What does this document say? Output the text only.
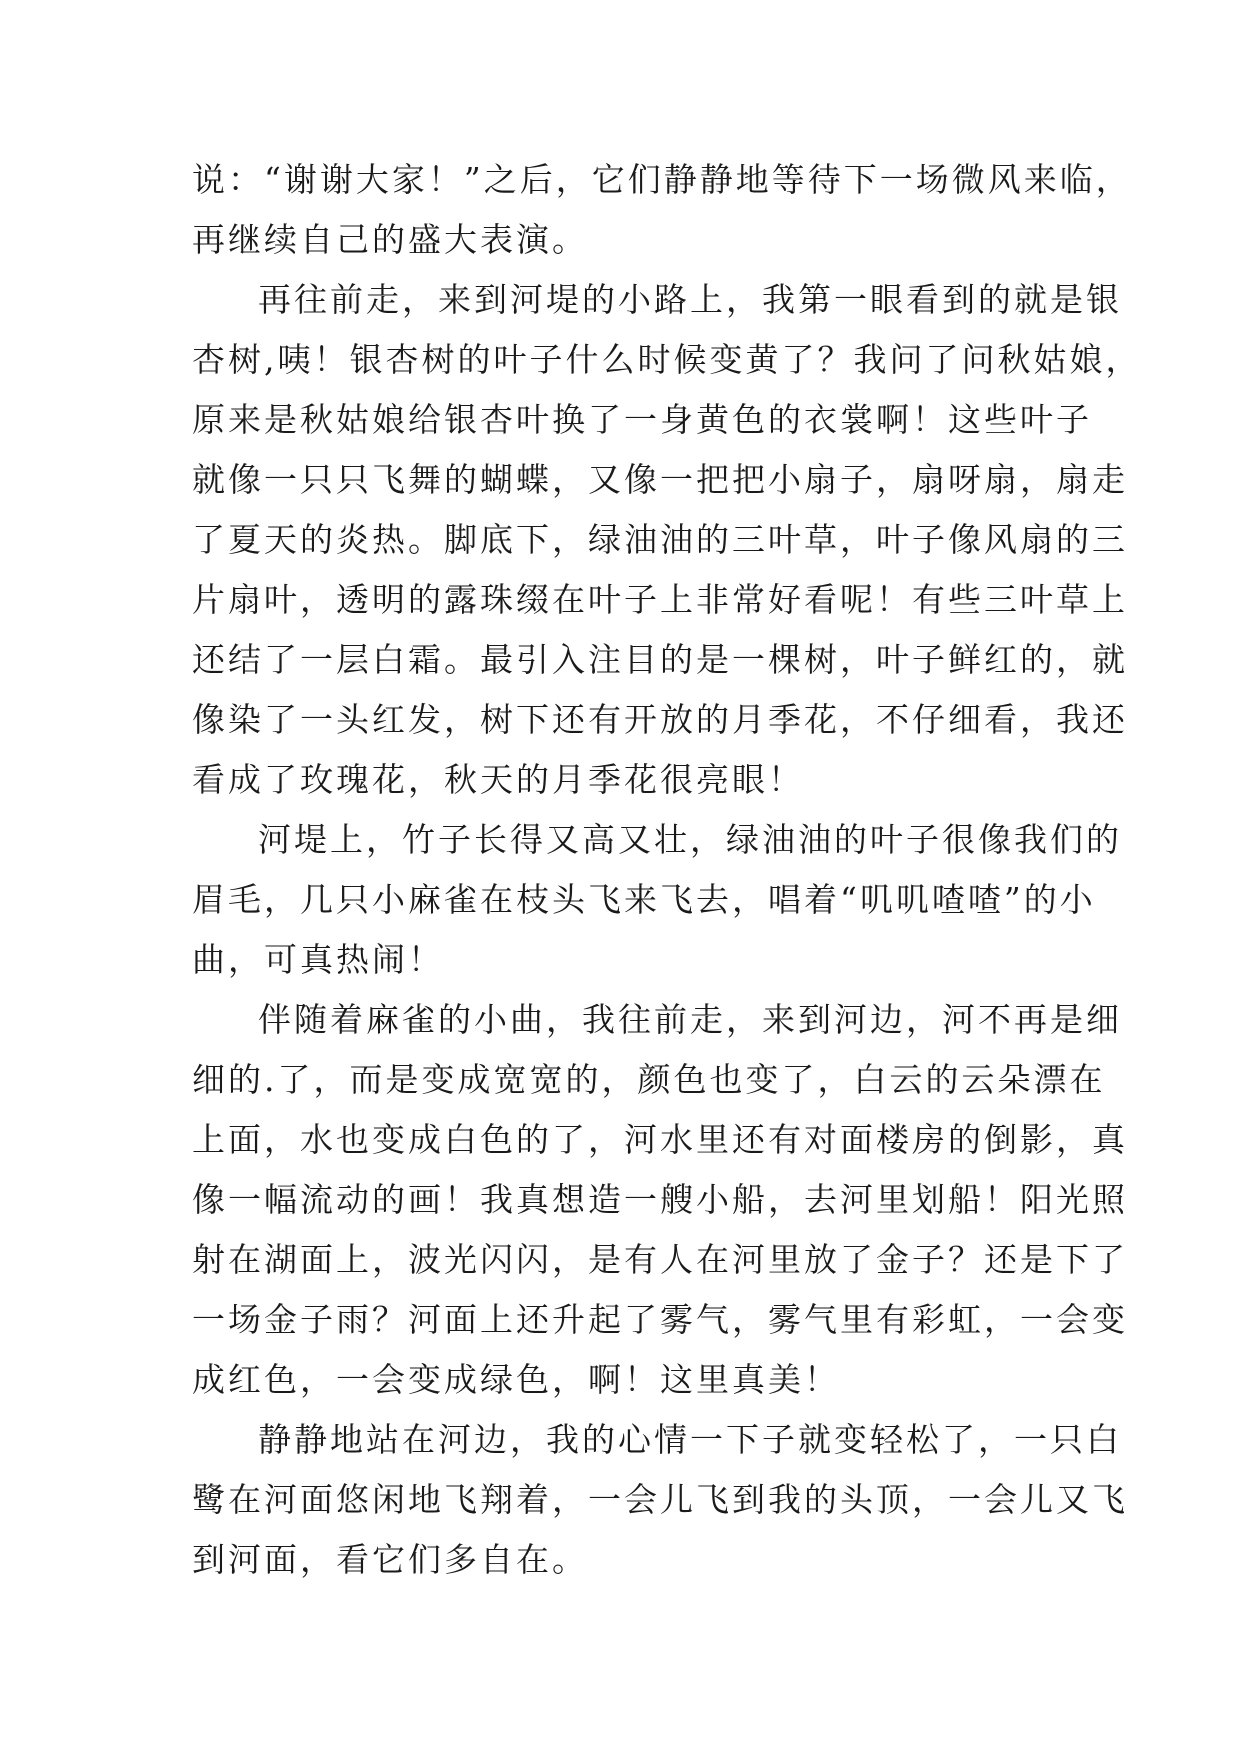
说：“谢谢大家！”之后，它们静静地等待下一场微风来临，
再继续自己的盛大表演。
再往前走，来到河堤的小路上，我第一眼看到的就是银
杏树,咦！银杏树的叶子什么时候变黄了？我问了问秋姑娘，
原来是秋姑娘给银杏叶换了一身黄色的衣裳啊！这些叶子
就像一只只飞舞的蝴蝶，又像一把把小扇子，扇呀扇，扇走
了夏天的炎热。脚底下，绿油油的三叶草，叶子像风扇的三
片扇叶，透明的露珠缀在叶子上非常好看呢！有些三叶草上
还结了一层白霜。最引入注目的是一棵树，叶子鲜红的，就
像染了一头红发，树下还有开放的月季花，不仔细看，我还
看成了玫瑰花，秋天的月季花很亮眼！
河堤上，竹子长得又高又壮，绿油油的叶子很像我们的
眉毛，几只小麻雀在枝头飞来飞去，唱着“叽叽喳喳”的小
曲，可真热闹！
伴随着麻雀的小曲，我往前走，来到河边，河不再是细
细的.了，而是变成宽宽的，颜色也变了，白云的云朵漂在
上面，水也变成白色的了，河水里还有对面楼房的倒影，真
像一幅流动的画！我真想造一艘小船，去河里划船！阳光照
射在湖面上，波光闪闪，是有人在河里放了金子？还是下了
一场金子雨？河面上还升起了雾气，雾气里有彩虹，一会变
成红色，一会变成绿色，啊！这里真美！
静静地站在河边，我的心情一下子就变轻松了，一只白
鹭在河面悠闲地飞翔着，一会儿飞到我的头顶，一会儿又飞
到河面，看它们多自在。
